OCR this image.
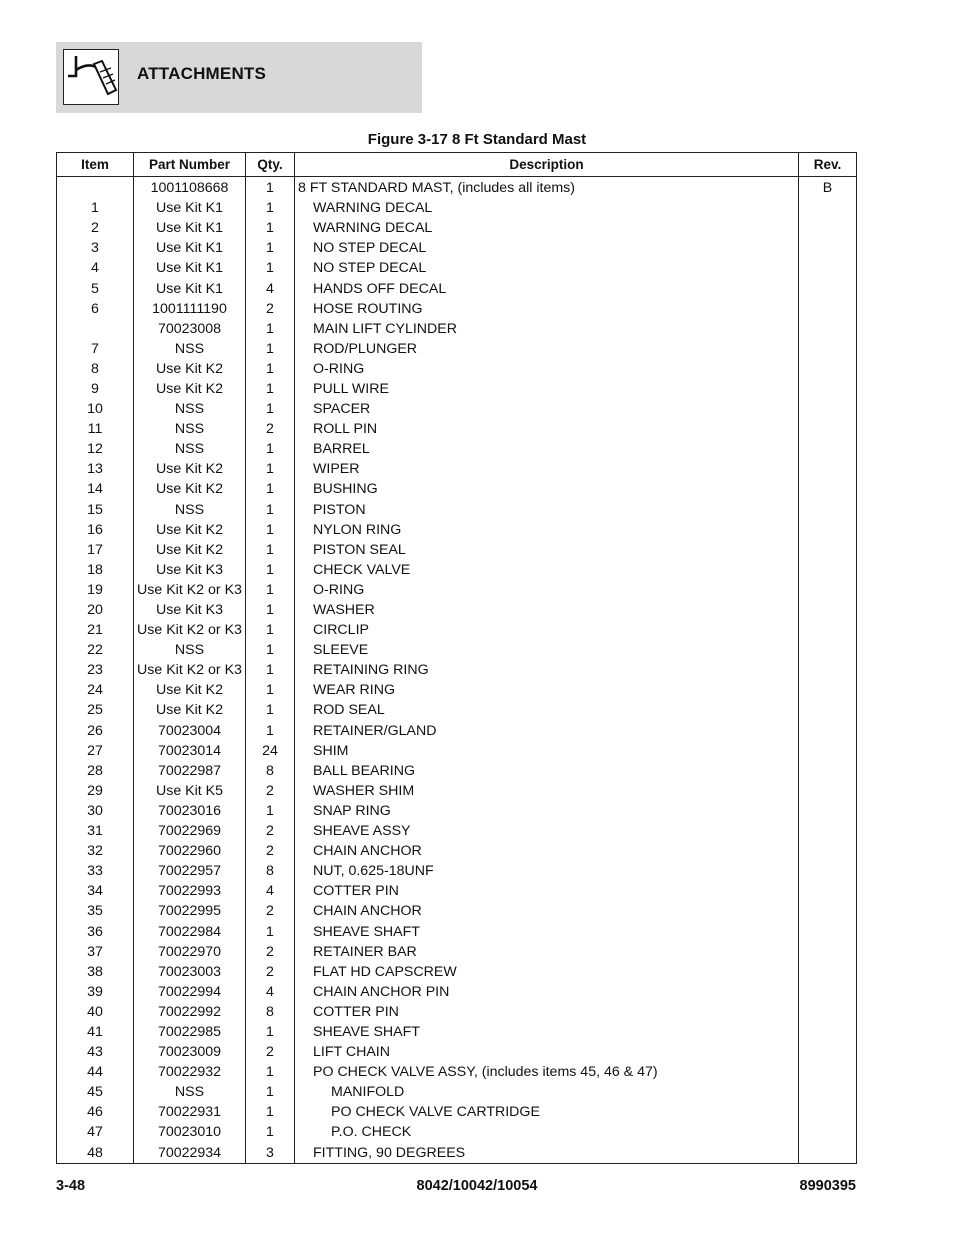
ATTACHMENTS
Figure 3-17 8 Ft Standard Mast
Item	Part Number	Qty.	Description	Rev.
	1001108668	1	8 FT STANDARD MAST, (includes all items)	B
1	Use Kit K1	1	WARNING DECAL	
2	Use Kit K1	1	WARNING DECAL	
3	Use Kit K1	1	NO STEP DECAL	
4	Use Kit K1	1	NO STEP DECAL	
5	Use Kit K1	4	HANDS OFF DECAL	
6	1001111190	2	HOSE ROUTING	
	70023008	1	MAIN LIFT CYLINDER	
7	NSS	1	ROD/PLUNGER	
8	Use Kit K2	1	O-RING	
9	Use Kit K2	1	PULL WIRE	
10	NSS	1	SPACER	
11	NSS	2	ROLL PIN	
12	NSS	1	BARREL	
13	Use Kit K2	1	WIPER	
14	Use Kit K2	1	BUSHING	
15	NSS	1	PISTON	
16	Use Kit K2	1	NYLON RING	
17	Use Kit K2	1	PISTON SEAL	
18	Use Kit K3	1	CHECK VALVE	
19	Use Kit K2 or K3	1	O-RING	
20	Use Kit K3	1	WASHER	
21	Use Kit K2 or K3	1	CIRCLIP	
22	NSS	1	SLEEVE	
23	Use Kit K2 or K3	1	RETAINING RING	
24	Use Kit K2	1	WEAR RING	
25	Use Kit K2	1	ROD SEAL	
26	70023004	1	RETAINER/GLAND	
27	70023014	24	SHIM	
28	70022987	8	BALL BEARING	
29	Use Kit K5	2	WASHER SHIM	
30	70023016	1	SNAP RING	
31	70022969	2	SHEAVE ASSY	
32	70022960	2	CHAIN ANCHOR	
33	70022957	8	NUT, 0.625-18UNF	
34	70022993	4	COTTER PIN	
35	70022995	2	CHAIN ANCHOR	
36	70022984	1	SHEAVE SHAFT	
37	70022970	2	RETAINER BAR	
38	70023003	2	FLAT HD CAPSCREW	
39	70022994	4	CHAIN ANCHOR PIN	
40	70022992	8	COTTER PIN	
41	70022985	1	SHEAVE SHAFT	
43	70023009	2	LIFT CHAIN	
44	70022932	1	PO CHECK VALVE ASSY, (includes items 45, 46 & 47)	
45	NSS	1	MANIFOLD	
46	70022931	1	PO CHECK VALVE CARTRIDGE	
47	70023010	1	P.O. CHECK	
48	70022934	3	FITTING, 90 DEGREES	
3-48	8042/10042/10054	8990395
